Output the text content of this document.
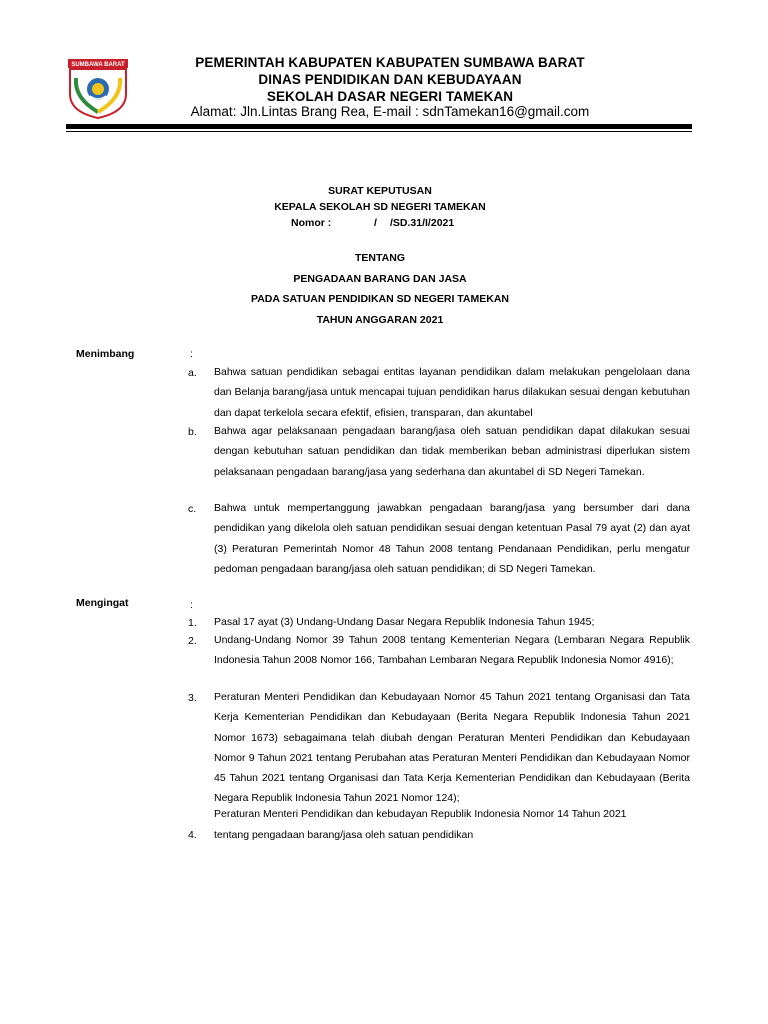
SUMBAWA BARAT	PEMERINTAH KABUPATEN KABUPATEN SUMBAWA BARAT
DINAS PENDIDIKAN DAN KEBUDAYAAN
SEKOLAH DASAR NEGERI TAMEKAN
Alamat: Jln.Lintas Brang Rea, E-mail : sdnTamekan16@gmail.com
SURAT KEPUTUSAN
KEPALA SEKOLAH SD NEGERI TAMEKAN
Nomor :	/ /SD.31/I/2021
TENTANG
PENGADAAN BARANG DAN JASA
PADA SATUAN PENDIDIKAN SD NEGERI TAMEKAN
TAHUN ANGGARAN 2021
Menimbang	:
a. Bahwa satuan pendidikan sebagai entitas layanan pendidikan dalam melakukan pengelolaan dana dan Belanja barang/jasa untuk mencapai tujuan pendidikan harus dilakukan sesuai dengan kebutuhan dan dapat terkelola secara efektif, efisien, transparan, dan akuntabel
b. Bahwa agar pelaksanaan pengadaan barang/jasa oleh satuan pendidikan dapat dilakukan sesuai dengan kebutuhan satuan pendidikan dan tidak memberikan beban administrasi diperlukan sistem pelaksanaan pengadaan barang/jasa yang sederhana dan akuntabel di SD Negeri Tamekan.
c. Bahwa untuk mempertanggung jawabkan pengadaan barang/jasa yang bersumber dari dana pendidikan yang dikelola oleh satuan pendidikan sesuai dengan ketentuan Pasal 79 ayat (2) dan ayat (3) Peraturan Pemerintah Nomor 48 Tahun 2008 tentang Pendanaan Pendidikan, perlu mengatur pedoman pengadaan barang/jasa oleh satuan pendidikan; di SD Negeri Tamekan.
Mengingat	:
1. Pasal 17 ayat (3) Undang-Undang Dasar Negara Republik Indonesia Tahun 1945;
2. Undang-Undang Nomor 39 Tahun 2008 tentang Kementerian Negara (Lembaran Negara Republik Indonesia Tahun 2008 Nomor 166, Tambahan Lembaran Negara Republik Indonesia Nomor 4916);
3. Peraturan Menteri Pendidikan dan Kebudayaan Nomor 45 Tahun 2021 tentang Organisasi dan Tata Kerja Kementerian Pendidikan dan Kebudayaan (Berita Negara Republik Indonesia Tahun 2021 Nomor 1673) sebagaimana telah diubah dengan Peraturan Menteri Pendidikan dan Kebudayaan Nomor 9 Tahun 2021 tentang Perubahan atas Peraturan Menteri Pendidikan dan Kebudayaan Nomor 45 Tahun 2021 tentang Organisasi dan Tata Kerja Kementerian Pendidikan dan Kebudayaan (Berita Negara Republik Indonesia Tahun 2021 Nomor 124);
Peraturan Menteri Pendidikan dan kebudayan Republik Indonesia Nomor 14 Tahun 2021
4. tentang pengadaan barang/jasa oleh satuan pendidikan
